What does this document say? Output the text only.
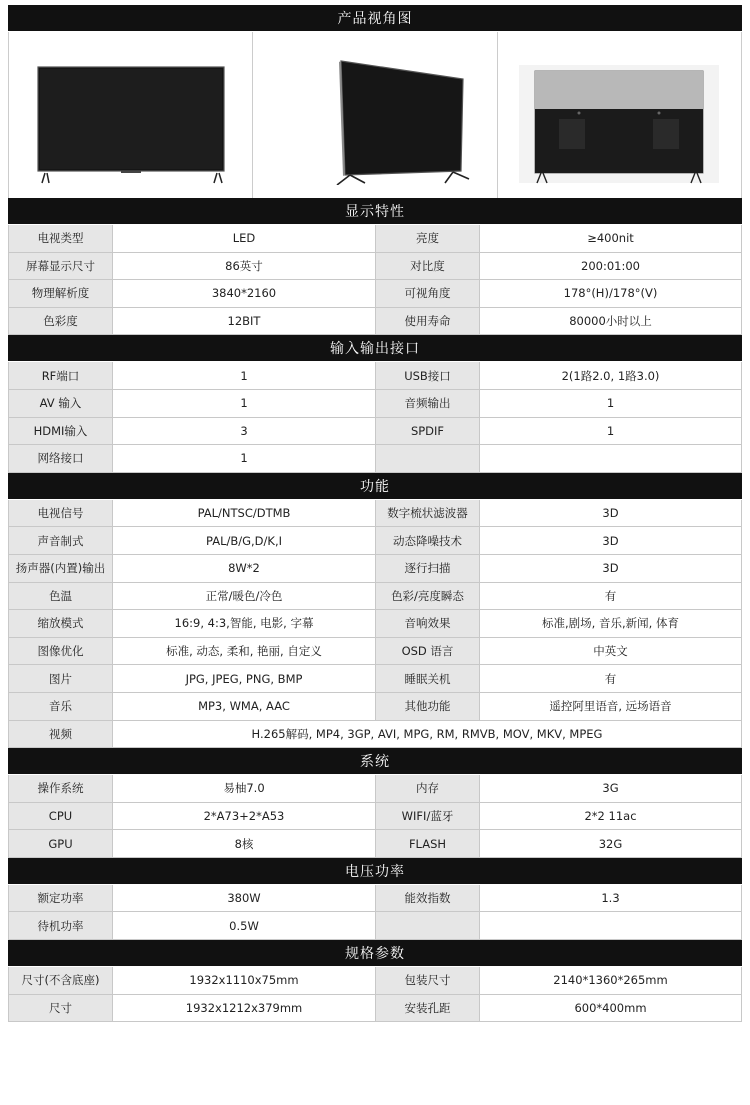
产品视角图
显示特性
电视类型	LED	亮度	≥400nit
屏幕显示尺寸	86英寸	对比度	200:01:00
物理解析度	3840*2160	可视角度	178°(H)/178°(V)
色彩度	12BIT	使用寿命	80000小时以上
输入输出接口
RF端口	1	USB接口	2(1路2.0, 1路3.0)
AV 输入	1	音频输出	1
HDMI输入	3	SPDIF	1
网络接口	1
功能
电视信号	PAL/NTSC/DTMB	数字梳状滤波器	3D
声音制式	PAL/B/G,D/K,I	动态降噪技术	3D
扬声器(内置)输出	8W*2	逐行扫描	3D
色温	正常/暖色/冷色	色彩/亮度瞬态	有
缩放模式	16:9, 4:3,智能, 电影, 字幕	音响效果	标准,剧场, 音乐,新闻, 体育
图像优化	标准, 动态, 柔和, 艳丽, 自定义	OSD 语言	中英文
图片	JPG, JPEG, PNG, BMP	睡眠关机	有
音乐	MP3, WMA, AAC	其他功能	遥控阿里语音, 远场语音
视频	H.265解码, MP4, 3GP, AVI, MPG, RM, RMVB, MOV, MKV, MPEG
系统
操作系统	易柚7.0	内存	3G
CPU	2*A73+2*A53	WIFI/蓝牙	2*2 11ac
GPU	8核	FLASH	32G
电压功率
额定功率	380W	能效指数	1.3
待机功率	0.5W
规格参数
尺寸(不含底座)	1932x1110x75mm	包装尺寸	2140*1360*265mm
尺寸	1932x1212x379mm	安装孔距	600*400mm
